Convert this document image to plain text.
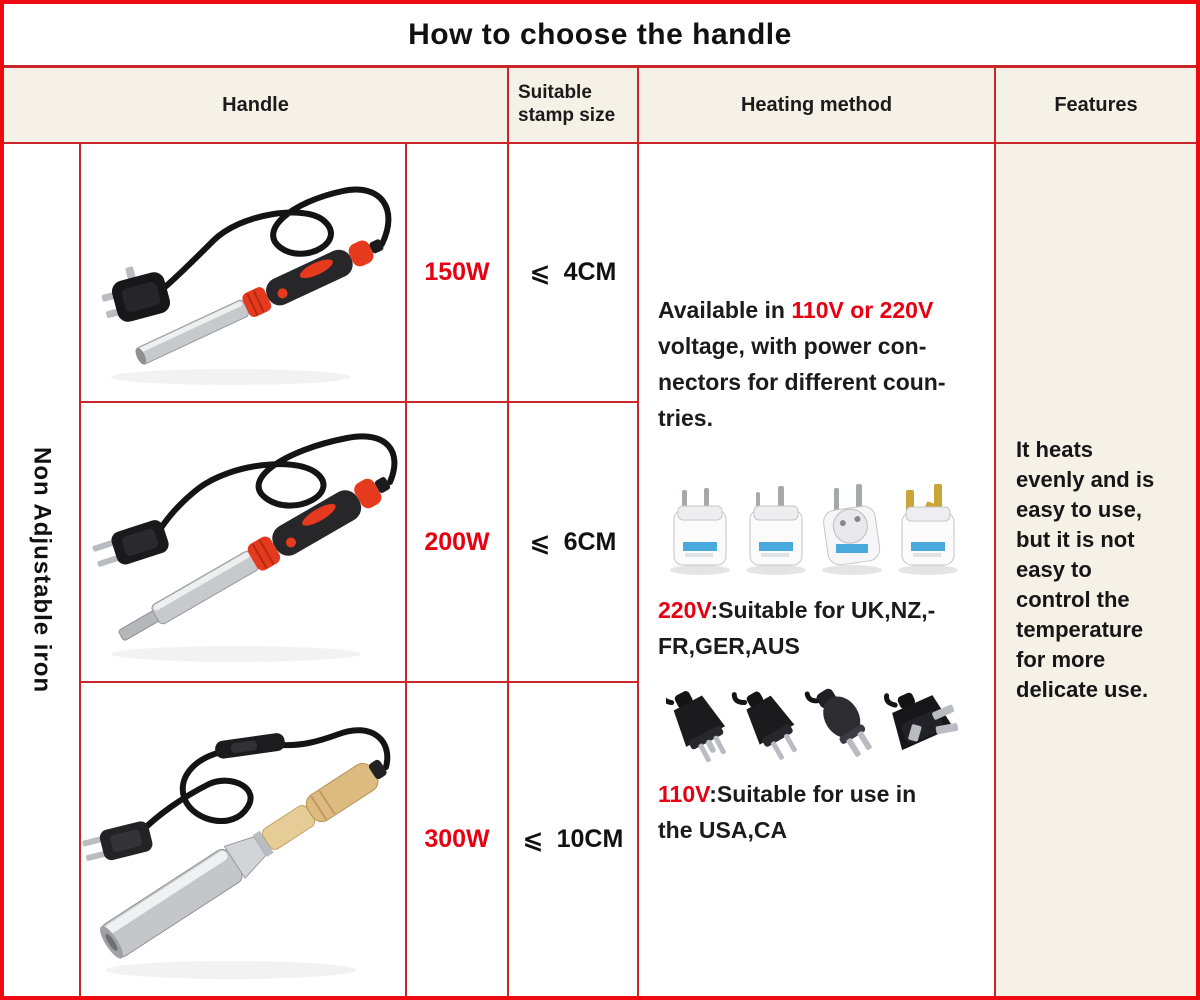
How to choose the handle
Handle
Suitable stamp size	Heating method	Features
Non Adjustable iron
150W ⩽ 4CM
200W ⩽ 6CM
300W ⩽ 10CM
Available in 110V or 220V
voltage, with power con-
nectors for different coun-
tries.
220V:Suitable for UK,NZ,-
FR,GER,AUS
110V:Suitable for use in
the USA,CA
It heats
evenly and is
easy to use,
but it is not
easy to
control the
temperature
for more
delicate use.
